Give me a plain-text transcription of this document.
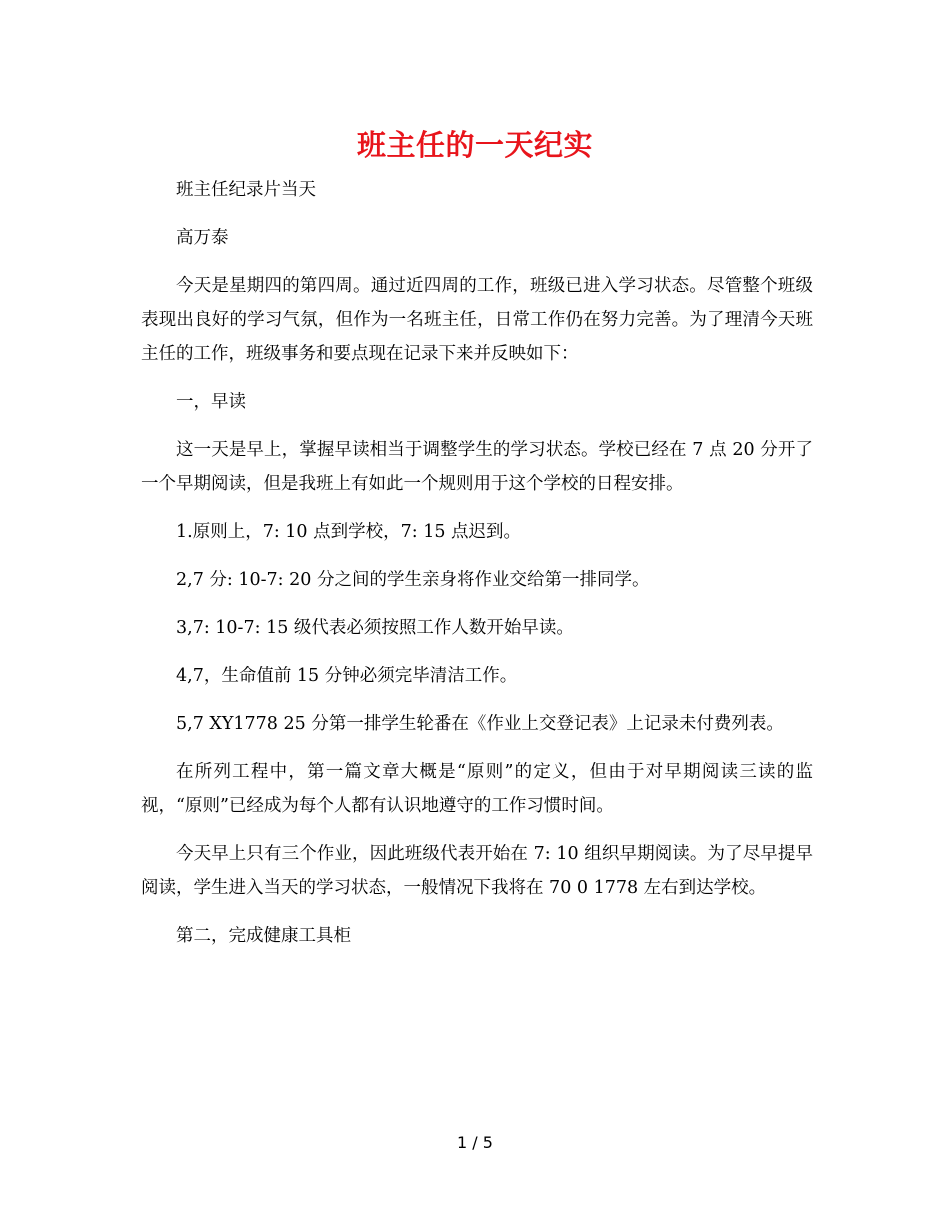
班主任的一天纪实

班主任纪录片当天

高万泰

今天是星期四的第四周。通过近四周的工作，班级已进入学习状态。尽管整个班级表现出良好的学习气氛，但作为一名班主任，日常工作仍在努力完善。为了理清今天班主任的工作，班级事务和要点现在记录下来并反映如下：

一，早读

这一天是早上，掌握早读相当于调整学生的学习状态。学校已经在 7 点 20 分开了一个早期阅读，但是我班上有如此一个规则用于这个学校的日程安排。

1.原则上，7: 10 点到学校，7: 15 点迟到。

2,7 分: 10-7: 20 分之间的学生亲身将作业交给第一排同学。

3,7: 10-7: 15 级代表必须按照工作人数开始早读。

4,7，生命值前 15 分钟必须完毕清洁工作。

5,7 XY1778 25 分第一排学生轮番在《作业上交登记表》上记录未付费列表。

在所列工程中，第一篇文章大概是“原则”的定义，但由于对早期阅读三读的监视，“原则”已经成为每个人都有认识地遵守的工作习惯时间。

今天早上只有三个作业，因此班级代表开始在 7: 10 组织早期阅读。为了尽早提早阅读，学生进入当天的学习状态，一般情况下我将在 70 0 1778 左右到达学校。

第二，完成健康工具柜

1 / 5
